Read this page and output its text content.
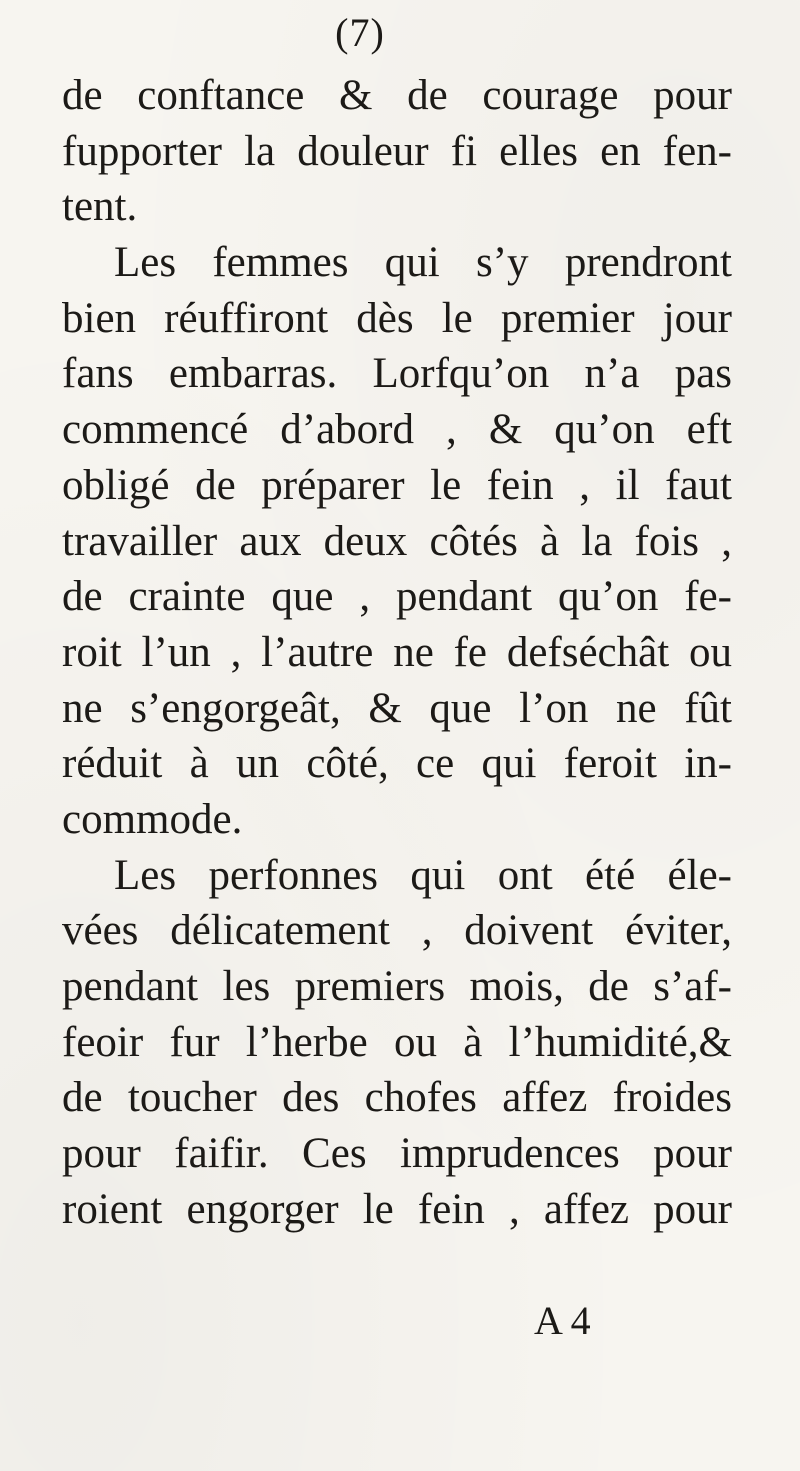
(7)
de conftance & de courage pour
fupporter la douleur fi elles en fen-
tent.
Les femmes qui s’y prendront
bien réuffiront dès le premier jour
fans embarras. Lorfqu’on n’a pas
commencé d’abord , & qu’on eft
obligé de préparer le fein , il faut
travailler aux deux côtés à la fois ,
de crainte que , pendant qu’on fe-
roit l’un , l’autre ne fe defséchât ou
ne s’engorgeât, & que l’on ne fût
réduit à un côté, ce qui feroit in-
commode.
Les perfonnes qui ont été éle-
vées délicatement , doivent éviter,
pendant les premiers mois, de s’af-
feoir fur l’herbe ou à l’humidité,&
de toucher des chofes affez froides
pour faifir. Ces imprudences pour
roient engorger le fein , affez pour
A 4
